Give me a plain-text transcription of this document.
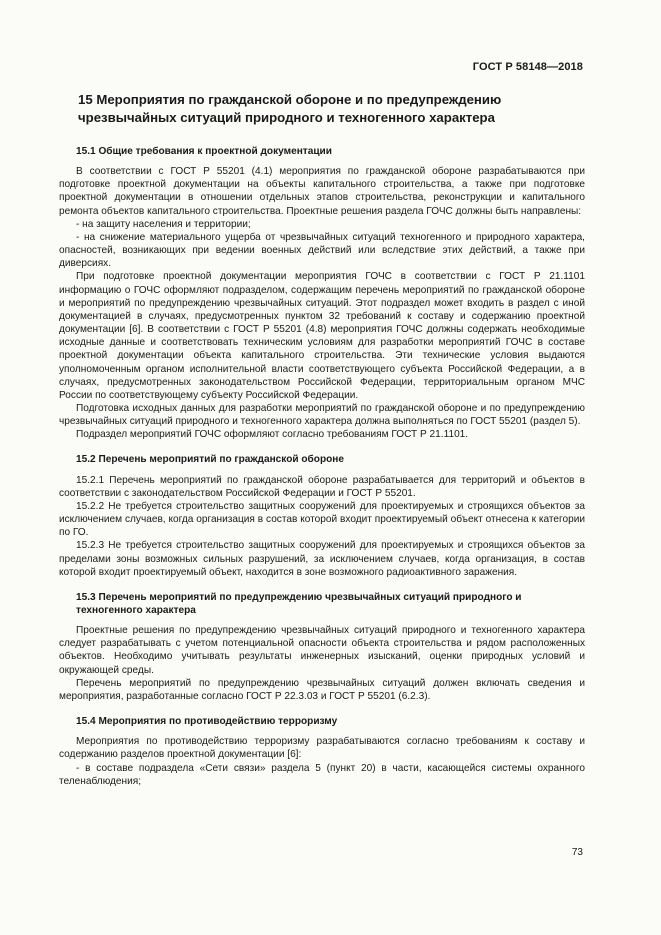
ГОСТ Р 58148—2018
15 Мероприятия по гражданской обороне и по предупреждению чрезвычайных ситуаций природного и техногенного характера

15.1 Общие требования к проектной документации

В соответствии с ГОСТ Р 55201 (4.1) мероприятия по гражданской обороне разрабатываются при подготовке проектной документации на объекты капитального строительства, а также при подготовке проектной документации в отношении отдельных этапов строительства, реконструкции и капитального ремонта объектов капитального строительства. Проектные решения раздела ГОЧС должны быть направлены:

- на защиту населения и территории;

- на снижение материального ущерба от чрезвычайных ситуаций техногенного и природного характера, опасностей, возникающих при ведении военных действий или вследствие этих действий, а также при диверсиях.

При подготовке проектной документации мероприятия ГОЧС в соответствии с ГОСТ Р 21.1101 информацию о ГОЧС оформляют подразделом, содержащим перечень мероприятий по гражданской обороне и мероприятий по предупреждению чрезвычайных ситуаций. Этот подраздел может входить в раздел с иной документацией в случаях, предусмотренных пунктом 32 требований к составу и содержанию проектной документации [6]. В соответствии с ГОСТ Р 55201 (4.8) мероприятия ГОЧС должны содержать необходимые исходные данные и соответствовать техническим условиям для разработки мероприятий ГОЧС в составе проектной документации объекта капитального строительства. Эти технические условия выдаются уполномоченным органом исполнительной власти соответствующего субъекта Российской Федерации, а в случаях, предусмотренных законодательством Российской Федерации, территориальным органом МЧС России по соответствующему субъекту Российской Федерации.

Подготовка исходных данных для разработки мероприятий по гражданской обороне и по предупреждению чрезвычайных ситуаций природного и техногенного характера должна выполняться по ГОСТ 55201 (раздел 5).

Подраздел мероприятий ГОЧС оформляют согласно требованиям ГОСТ Р 21.1101.

15.2 Перечень мероприятий по гражданской обороне

15.2.1 Перечень мероприятий по гражданской обороне разрабатывается для территорий и объектов в соответствии с законодательством Российской Федерации и ГОСТ Р 55201.

15.2.2 Не требуется строительство защитных сооружений для проектируемых и строящихся объектов за исключением случаев, когда организация в состав которой входит проектируемый объект отнесена к категории по ГО.

15.2.3 Не требуется строительство защитных сооружений для проектируемых и строящихся объектов за пределами зоны возможных сильных разрушений, за исключением случаев, когда организация, в состав которой входит проектируемый объект, находится в зоне возможного радиоактивного заражения.

15.3 Перечень мероприятий по предупреждению чрезвычайных ситуаций природного и техногенного характера

Проектные решения по предупреждению чрезвычайных ситуаций природного и техногенного характера следует разрабатывать с учетом потенциальной опасности объекта строительства и рядом расположенных объектов. Необходимо учитывать результаты инженерных изысканий, оценки природных условий и окружающей среды.

Перечень мероприятий по предупреждению чрезвычайных ситуаций должен включать сведения и мероприятия, разработанные согласно ГОСТ Р 22.3.03 и ГОСТ Р 55201 (6.2.3).

15.4 Мероприятия по противодействию терроризму

Мероприятия по противодействию терроризму разрабатываются согласно требованиям к составу и содержанию разделов проектной документации [6]:

- в составе подраздела «Сети связи» раздела 5 (пункт 20) в части, касающейся системы охранного теленаблюдения;

73
